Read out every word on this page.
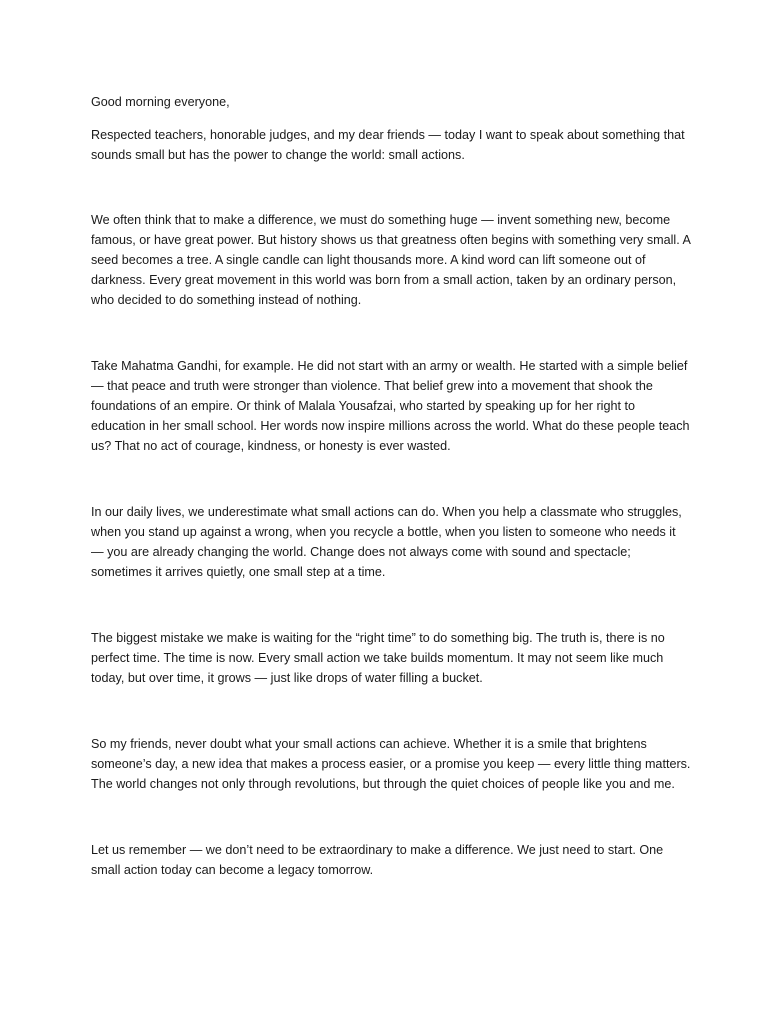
Good morning everyone,

Respected teachers, honorable judges, and my dear friends — today I want to speak about something that sounds small but has the power to change the world: small actions.

We often think that to make a difference, we must do something huge — invent something new, become famous, or have great power. But history shows us that greatness often begins with something very small. A seed becomes a tree. A single candle can light thousands more. A kind word can lift someone out of darkness. Every great movement in this world was born from a small action, taken by an ordinary person, who decided to do something instead of nothing.

Take Mahatma Gandhi, for example. He did not start with an army or wealth. He started with a simple belief — that peace and truth were stronger than violence. That belief grew into a movement that shook the foundations of an empire. Or think of Malala Yousafzai, who started by speaking up for her right to education in her small school. Her words now inspire millions across the world. What do these people teach us? That no act of courage, kindness, or honesty is ever wasted.

In our daily lives, we underestimate what small actions can do. When you help a classmate who struggles, when you stand up against a wrong, when you recycle a bottle, when you listen to someone who needs it — you are already changing the world. Change does not always come with sound and spectacle; sometimes it arrives quietly, one small step at a time.

The biggest mistake we make is waiting for the “right time” to do something big. The truth is, there is no perfect time. The time is now. Every small action we take builds momentum. It may not seem like much today, but over time, it grows — just like drops of water filling a bucket.

So my friends, never doubt what your small actions can achieve. Whether it is a smile that brightens someone’s day, a new idea that makes a process easier, or a promise you keep — every little thing matters. The world changes not only through revolutions, but through the quiet choices of people like you and me.

Let us remember — we don’t need to be extraordinary to make a difference. We just need to start. One small action today can become a legacy tomorrow.
